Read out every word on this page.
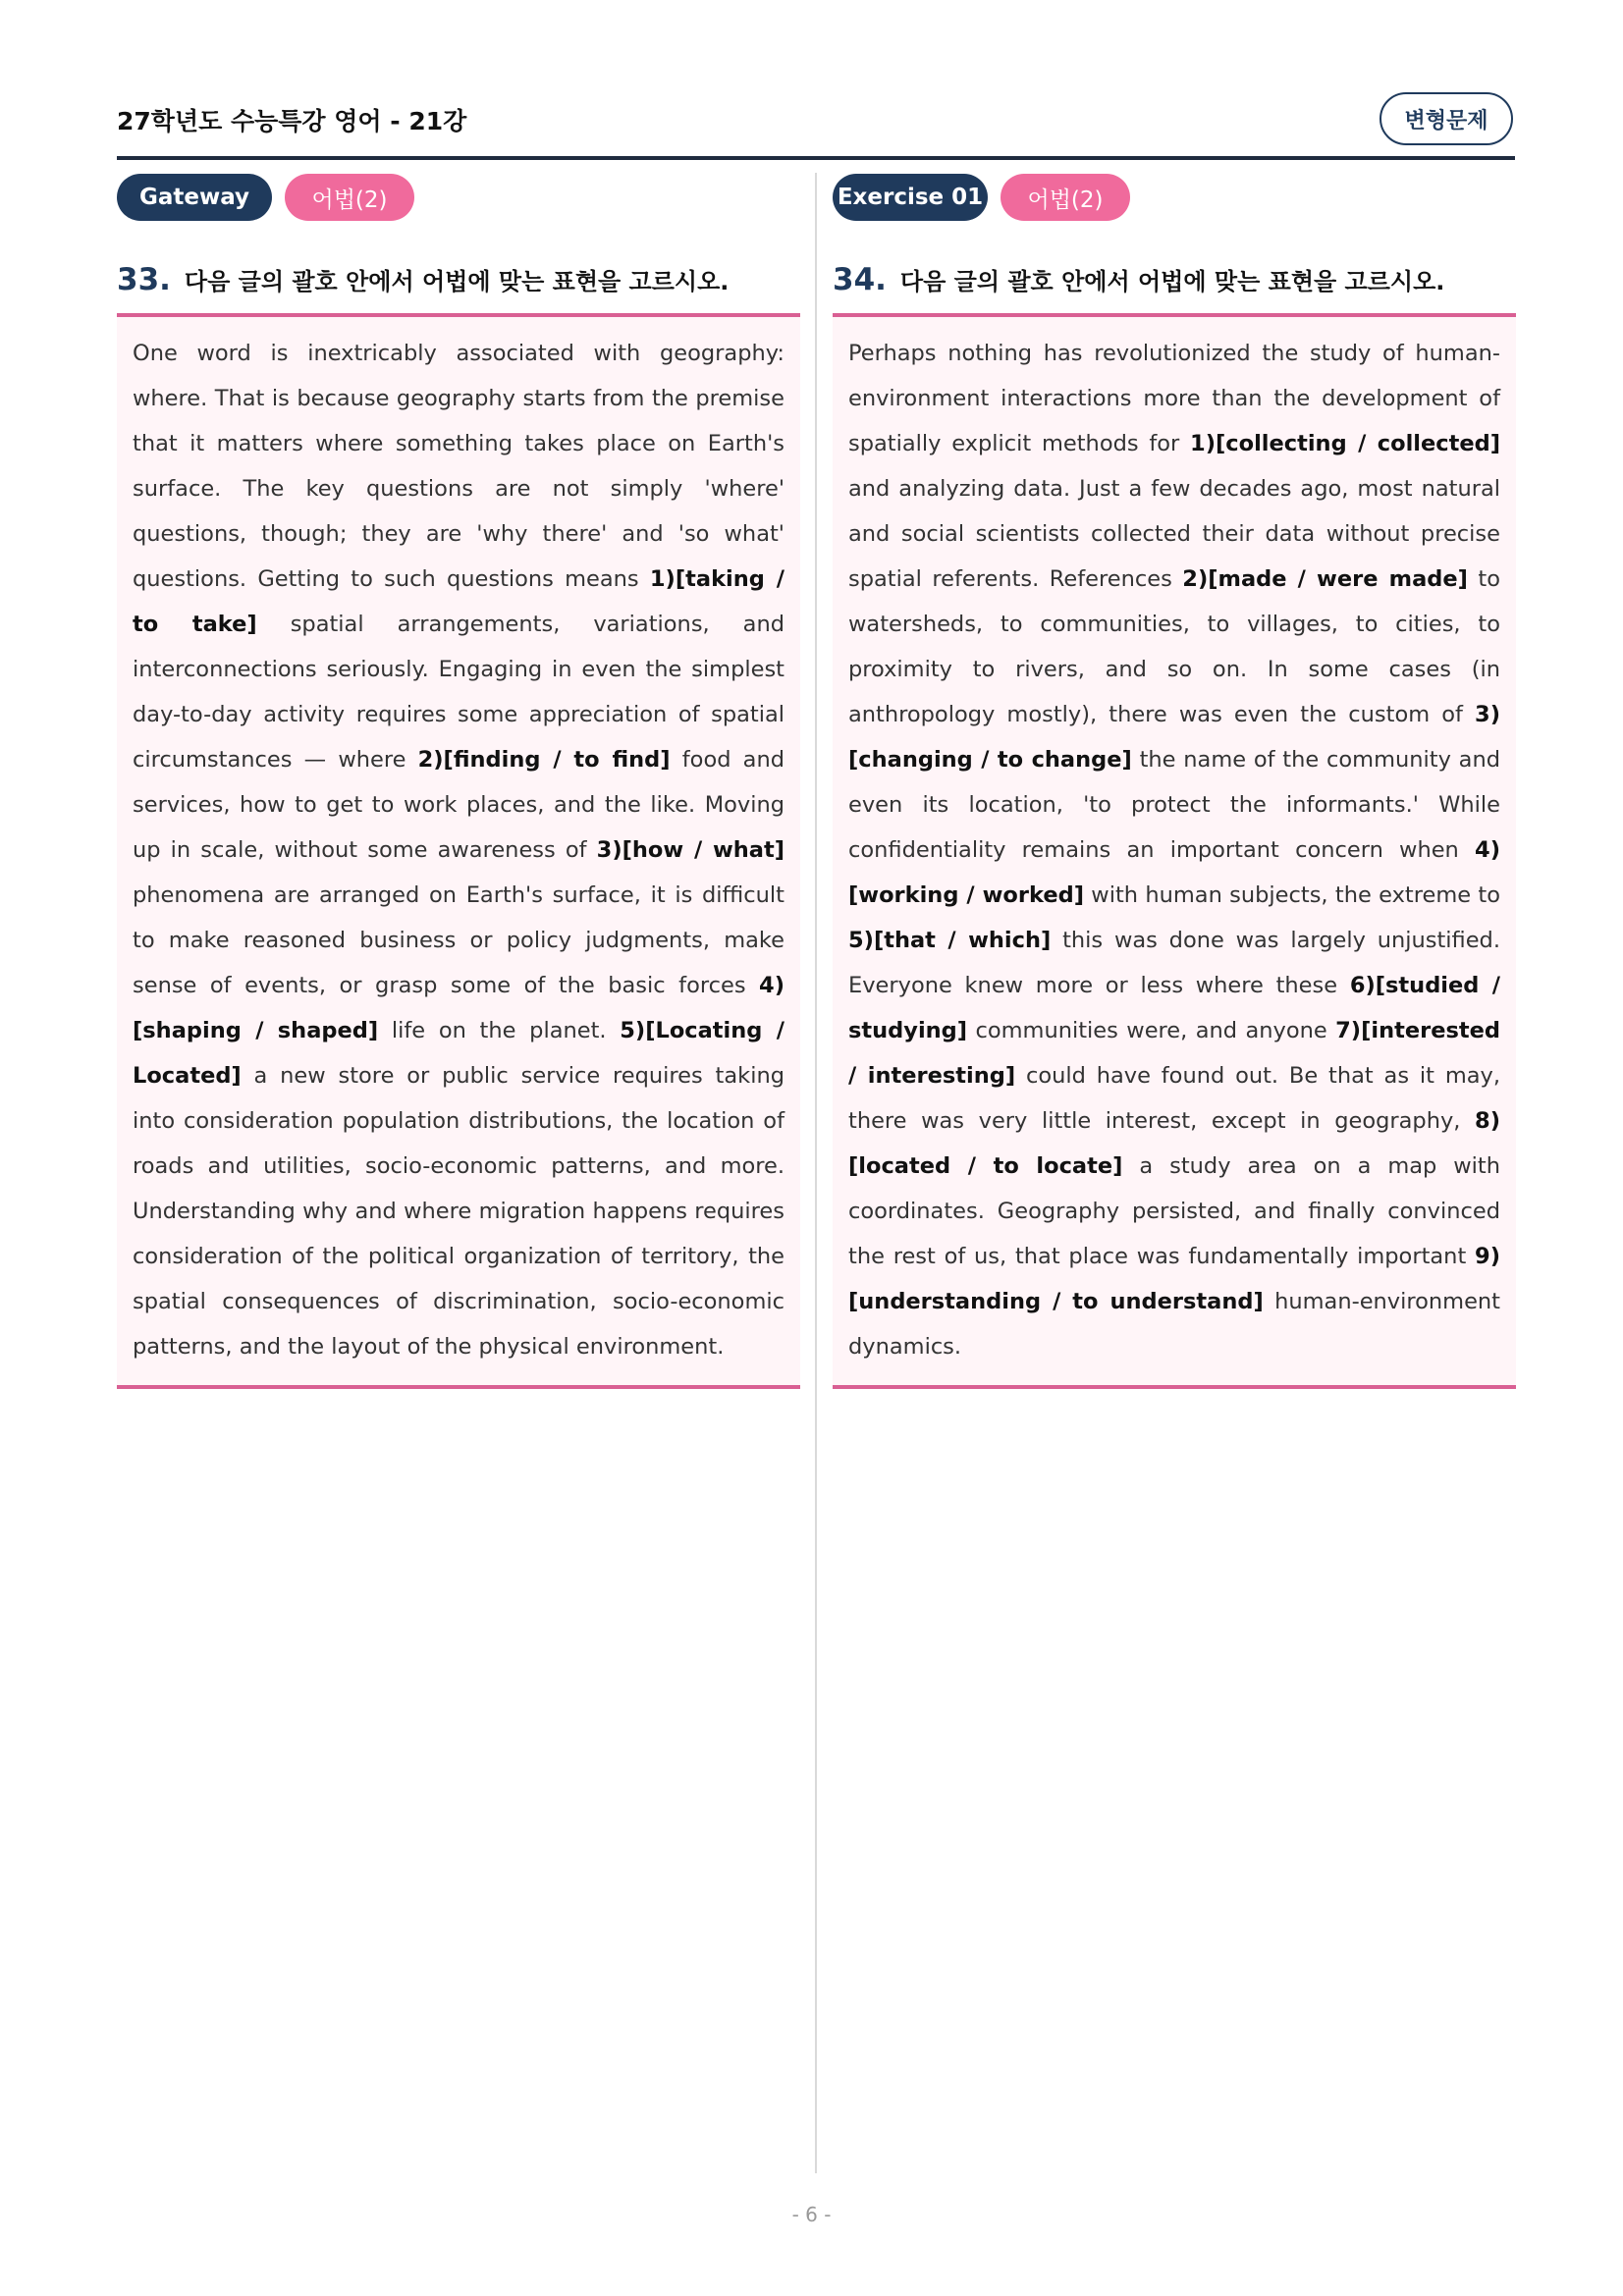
27학년도 수능특강 영어 - 21강	변형문제
Gateway	어법(2)
33. 다음 글의 괄호 안에서 어법에 맞는 표현을 고르시오.
One word is inextricably associated with geography: where. That is because geography starts from the premise that it matters where something takes place on Earth's surface. The key questions are not simply 'where' questions, though; they are 'why there' and 'so what' questions. Getting to such questions means 1)[taking / to take] spatial arrangements, variations, and interconnections seriously. Engaging in even the simplest day-to-day activity requires some appreciation of spatial circumstances — where 2)[finding / to find] food and services, how to get to work places, and the like. Moving up in scale, without some awareness of 3)[how / what] phenomena are arranged on Earth's surface, it is difficult to make reasoned business or policy judgments, make sense of events, or grasp some of the basic forces 4)[shaping / shaped] life on the planet. 5)[Locating / Located] a new store or public service requires taking into consideration population distributions, the location of roads and utilities, socio-economic patterns, and more. Understanding why and where migration happens requires consideration of the political organization of territory, the spatial consequences of discrimination, socio-economic patterns, and the layout of the physical environment.
Exercise 01	어법(2)
34. 다음 글의 괄호 안에서 어법에 맞는 표현을 고르시오.
Perhaps nothing has revolutionized the study of human-environment interactions more than the development of spatially explicit methods for 1)[collecting / collected] and analyzing data. Just a few decades ago, most natural and social scientists collected their data without precise spatial referents. References 2)[made / were made] to watersheds, to communities, to villages, to cities, to proximity to rivers, and so on. In some cases (in anthropology mostly), there was even the custom of 3)[changing / to change] the name of the community and even its location, 'to protect the informants.' While confidentiality remains an important concern when 4)[working / worked] with human subjects, the extreme to 5)[that / which] this was done was largely unjustified. Everyone knew more or less where these 6)[studied / studying] communities were, and anyone 7)[interested / interesting] could have found out. Be that as it may, there was very little interest, except in geography, 8)[located / to locate] a study area on a map with coordinates. Geography persisted, and finally convinced the rest of us, that place was fundamentally important 9)[understanding / to understand] human-environment dynamics.
- 6 -
